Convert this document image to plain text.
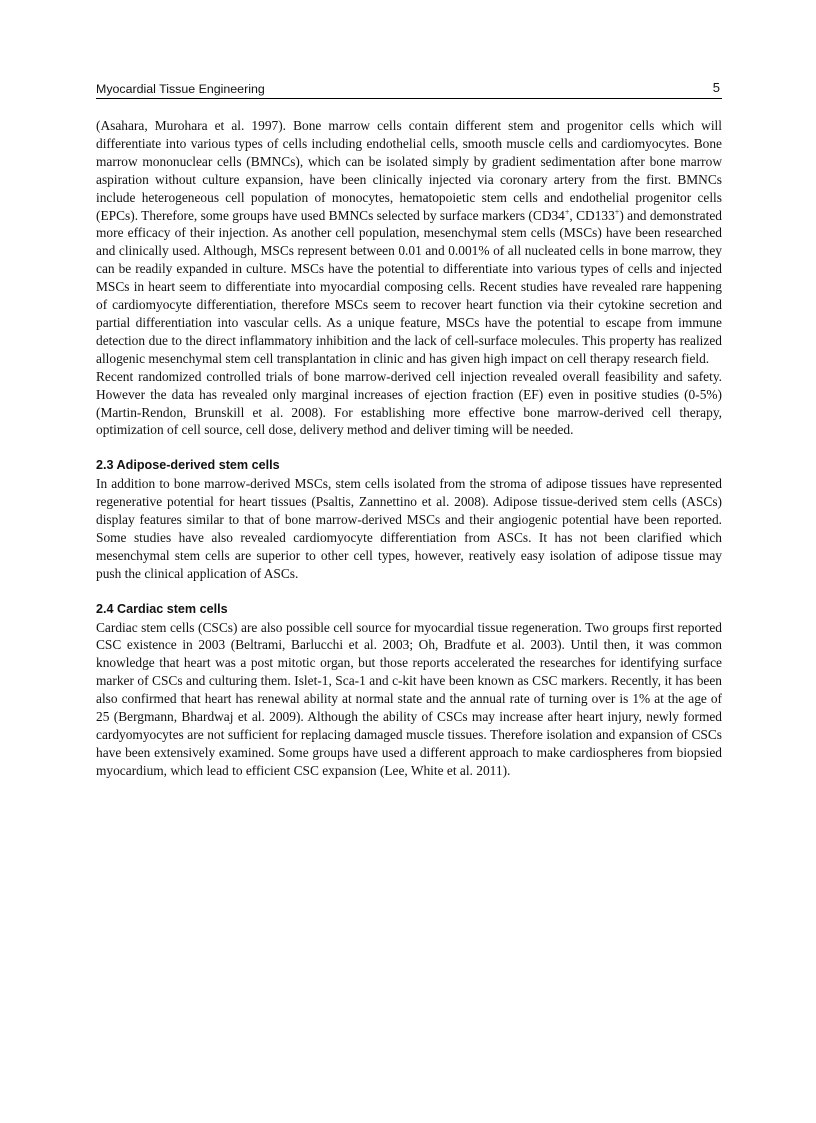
Myocardial Tissue Engineering	5

(Asahara, Murohara et al. 1997). Bone marrow cells contain different stem and progenitor cells which will differentiate into various types of cells including endothelial cells, smooth muscle cells and cardiomyocytes. Bone marrow mononuclear cells (BMNCs), which can be isolated simply by gradient sedimentation after bone marrow aspiration without culture expansion, have been clinically injected via coronary artery from the first. BMNCs include heterogeneous cell population of monocytes, hematopoietic stem cells and endothelial progenitor cells (EPCs). Therefore, some groups have used BMNCs selected by surface markers (CD34+, CD133+) and demonstrated more efficacy of their injection. As another cell population, mesenchymal stem cells (MSCs) have been researched and clinically used. Although, MSCs represent between 0.01 and 0.001% of all nucleated cells in bone marrow, they can be readily expanded in culture. MSCs have the potential to differentiate into various types of cells and injected MSCs in heart seem to differentiate into myocardial composing cells. Recent studies have revealed rare happening of cardiomyocyte differentiation, therefore MSCs seem to recover heart function via their cytokine secretion and partial differentiation into vascular cells. As a unique feature, MSCs have the potential to escape from immune detection due to the direct inflammatory inhibition and the lack of cell-surface molecules. This property has realized allogenic mesenchymal stem cell transplantation in clinic and has given high impact on cell therapy research field.

Recent randomized controlled trials of bone marrow-derived cell injection revealed overall feasibility and safety. However the data has revealed only marginal increases of ejection fraction (EF) even in positive studies (0-5%) (Martin-Rendon, Brunskill et al. 2008). For establishing more effective bone marrow-derived cell therapy, optimization of cell source, cell dose, delivery method and deliver timing will be needed.

2.3 Adipose-derived stem cells

In addition to bone marrow-derived MSCs, stem cells isolated from the stroma of adipose tissues have represented regenerative potential for heart tissues (Psaltis, Zannettino et al. 2008). Adipose tissue-derived stem cells (ASCs) display features similar to that of bone marrow-derived MSCs and their angiogenic potential have been reported. Some studies have also revealed cardiomyocyte differentiation from ASCs. It has not been clarified which mesenchymal stem cells are superior to other cell types, however, reatively easy isolation of adipose tissue may push the clinical application of ASCs.

2.4 Cardiac stem cells

Cardiac stem cells (CSCs) are also possible cell source for myocardial tissue regeneration. Two groups first reported CSC existence in 2003 (Beltrami, Barlucchi et al. 2003; Oh, Bradfute et al. 2003). Until then, it was common knowledge that heart was a post mitotic organ, but those reports accelerated the researches for identifying surface marker of CSCs and culturing them. Islet-1, Sca-1 and c-kit have been known as CSC markers. Recently, it has been also confirmed that heart has renewal ability at normal state and the annual rate of turning over is 1% at the age of 25 (Bergmann, Bhardwaj et al. 2009). Although the ability of CSCs may increase after heart injury, newly formed cardyomyocytes are not sufficient for replacing damaged muscle tissues. Therefore isolation and expansion of CSCs have been extensively examined. Some groups have used a different approach to make cardiospheres from biopsied myocardium, which lead to efficient CSC expansion (Lee, White et al. 2011).
